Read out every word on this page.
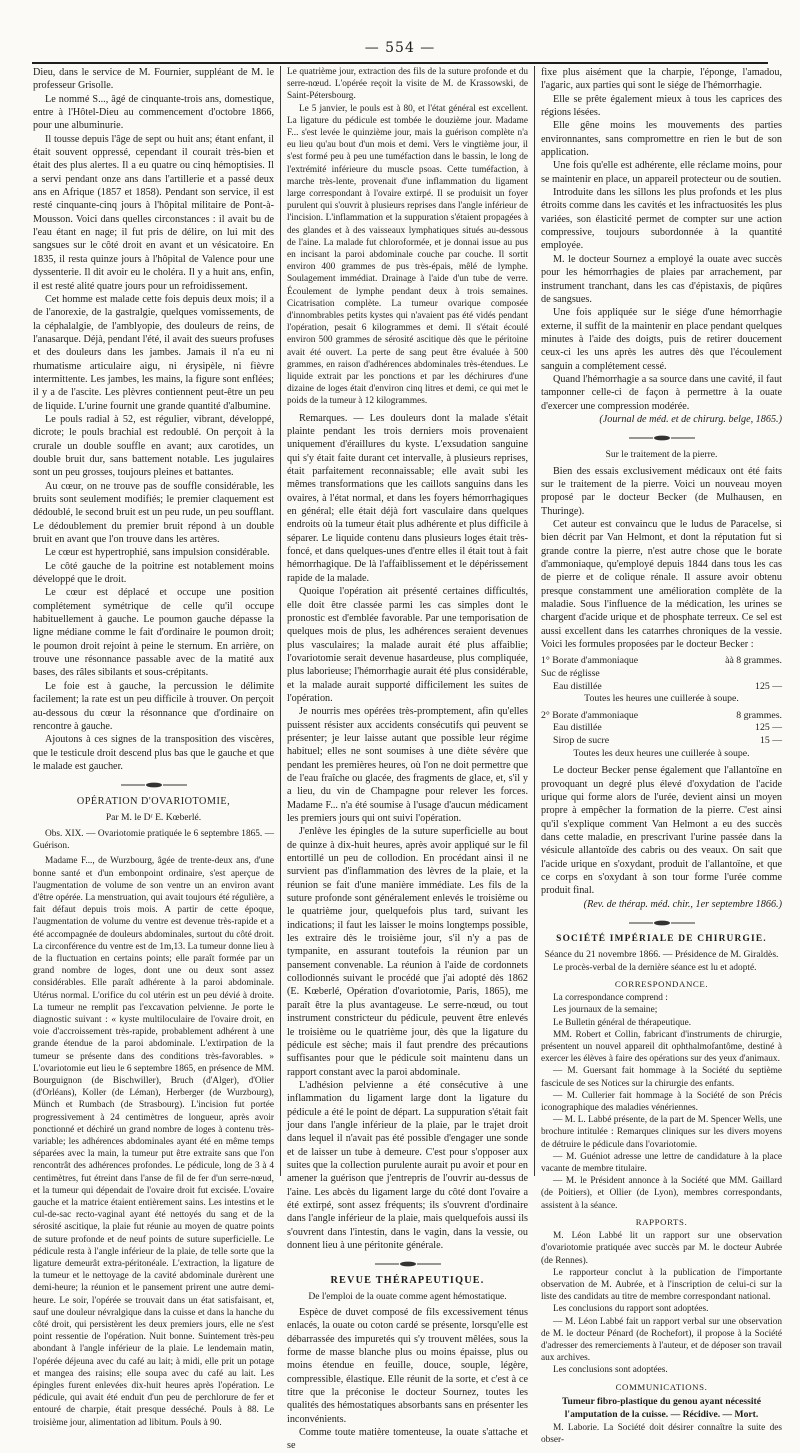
— 554 —

Dieu, dans le service de M. Fournier, suppléant de M. le professeur Grisolle.

Le nommé S..., âgé de cinquante-trois ans, domestique, entre à l'Hôtel-Dieu au commencement d'octobre 1866, pour une albuminurie.

Il tousse depuis l'âge de sept ou huit ans; étant enfant, il était souvent oppressé, cependant il courait très-bien et était des plus alertes. Il a eu quatre ou cinq hémoptisies. Il a servi pendant onze ans dans l'artillerie et a passé deux ans en Afrique (1857 et 1858). Pendant son service, il est resté cinquante-cinq jours à l'hôpital militaire de Pont-à-Mousson. Voici dans quelles circonstances : il avait bu de l'eau étant en nage; il fut pris de délire, on lui mit des sangsues sur le côté droit en avant et un vésicatoire. En 1835, il resta quinze jours à l'hôpital de Valence pour une dyssenterie. Il dit avoir eu le choléra. Il y a huit ans, enfin, il est resté alité quatre jours pour un refroidissement.

Cet homme est malade cette fois depuis deux mois; il a de l'anorexie, de la gastralgie, quelques vomissements, de la céphalalgie, de l'amblyopie, des douleurs de reins, de l'anasarque. Déjà, pendant l'été, il avait des sueurs profuses et des douleurs dans les jambes. Jamais il n'a eu ni rhumatisme articulaire aigu, ni érysipèle, ni fièvre intermittente. Les jambes, les mains, la figure sont enflées; il y a de l'ascite. Les plèvres contiennent peut-être un peu de liquide. L'urine fournit une grande quantité d'albumine.

Le pouls radial à 52, est régulier, vibrant, développé, dicrote; le pouls brachial est redoublé. On perçoit à la crurale un double souffle en avant; aux carotides, un double bruit dur, sans battement notable. Les jugulaires sont un peu grosses, toujours pleines et battantes.

Au cœur, on ne trouve pas de souffle considérable, les bruits sont seulement modifiés; le premier claquement est dédoublé, le second bruit est un peu rude, un peu soufflant. Le dédoublement du premier bruit répond à un double bruit en avant que l'on trouve dans les artères.

Le cœur est hypertrophié, sans impulsion considérable.

Le côté gauche de la poitrine est notablement moins développé que le droit.

Le cœur est déplacé et occupe une position complétement symétrique de celle qu'il occupe habituellement à gauche. Le poumon gauche dépasse la ligne médiane comme le fait d'ordinaire le poumon droit; le poumon droit rejoint à peine le sternum. En arrière, on trouve une résonnance passable avec de la matité aux bases, des râles sibilants et sous-crépitants.

Le foie est à gauche, la percussion le délimite facilement; la rate est un peu difficile à trouver. On perçoit au-dessous du cœur la résonnance que d'ordinaire on rencontre à gauche.

Ajoutons à ces signes de la transposition des viscères, que le testicule droit descend plus bas que le gauche et que le malade est gaucher.

OPÉRATION D'OVARIOTOMIE,

Par M. le Dʳ E. Kœberlé.

Obs. XIX. — Ovariotomie pratiquée le 6 septembre 1865. — Guérison.

Madame F..., de Wurzbourg, âgée de trente-deux ans, d'une bonne santé et d'un embonpoint ordinaire, s'est aperçue de l'augmentation de volume de son ventre un an environ avant d'être opérée. La menstruation, qui avait toujours été régulière, a fait défaut depuis trois mois. A partir de cette époque, l'augmentation de volume du ventre est devenue très-rapide et a été accompagnée de douleurs abdominales, surtout du côté droit. La circonférence du ventre est de 1m,13. La tumeur donne lieu à de la fluctuation en certains points; elle paraît formée par un grand nombre de loges, dont une ou deux sont assez considérables. Elle paraît adhérente à la paroi abdominale. Utérus normal. L'orifice du col utérin est un peu dévié à droite. La tumeur ne remplit pas l'excavation pelvienne. Je porte le diagnostic suivant : « kyste multiloculaire de l'ovaire droit, en voie d'accroissement très-rapide, probablement adhérent à une grande étendue de la paroi abdominale. L'extirpation de la tumeur se présente dans des conditions très-favorables. » L'ovariotomie eut lieu le 6 septembre 1865, en présence de MM. Bourguignon (de Bischwiller), Bruch (d'Alger), d'Olier (d'Orléans), Koller (de Léman), Herberger (de Wurzbourg), Münch et Rumbach (de Strasbourg). L'incision fut portée progressivement à 24 centimètres de longueur, après avoir ponctionné et déchiré un grand nombre de loges à contenu très-variable; les adhérences abdominales ayant été en même temps séparées avec la main, la tumeur put être extraite sans que l'on rencontrât des adhérences profondes. Le pédicule, long de 3 à 4 centimètres, fut étreint dans l'anse de fil de fer d'un serre-nœud, et la tumeur qui dépendait de l'ovaire droit fut excisée. L'ovaire gauche et la matrice étaient entièrement sains. Les intestins et le cul-de-sac recto-vaginal ayant été nettoyés du sang et de la sérosité ascitique, la plaie fut réunie au moyen de quatre points de suture profonde et de neuf points de suture superficielle. Le pédicule resta à l'angle inférieur de la plaie, de telle sorte que la ligature demeurât extra-péritonéale. L'extraction, la ligature de la tumeur et le nettoyage de la cavité abdominale durèrent une demi-heure; la réunion et le pansement prirent une autre demi-heure. Le soir, l'opérée se trouvait dans un état satisfaisant, et, sauf une douleur névralgique dans la cuisse et dans la hanche du côté droit, qui persistèrent les deux premiers jours, elle ne s'est point ressentie de l'opération. Nuit bonne. Suintement très-peu abondant à l'angle inférieur de la plaie. Le lendemain matin, l'opérée déjeuna avec du café au lait; à midi, elle prit un potage et mangea des raisins; elle soupa avec du café au lait. Les épingles furent enlevées dix-huit heures après l'opération. Le pédicule, qui avait été enduit d'un peu de perchlorure de fer et entouré de charpie, était presque desséché. Pouls à 88. Le troisième jour, alimentation ad libitum. Pouls à 90.

Le quatrième jour, extraction des fils de la suture profonde et du serre-nœud. L'opérée reçoit la visite de M. de Krassowski, de Saint-Pétersbourg.

Le 5 janvier, le pouls est à 80, et l'état général est excellent. La ligature du pédicule est tombée le douzième jour. Madame F... s'est levée le quinzième jour, mais la guérison complète n'a eu lieu qu'au bout d'un mois et demi. Vers le vingtième jour, il s'est formé peu à peu une tuméfaction dans le bassin, le long de l'extrémité inférieure du muscle psoas. Cette tuméfaction, à marche très-lente, provenait d'une inflammation du ligament large correspondant à l'ovaire extirpé. Il se produisit un foyer purulent qui s'ouvrit à plusieurs reprises dans l'angle inférieur de l'incision. L'inflammation et la suppuration s'étaient propagées à des glandes et à des vaisseaux lymphatiques situés au-dessous de l'aine. La malade fut chloroformée, et je donnai issue au pus en incisant la paroi abdominale couche par couche. Il sortit environ 400 grammes de pus très-épais, mêlé de lymphe. Soulagement immédiat. Drainage à l'aide d'un tube de verre. Écoulement de lymphe pendant deux à trois semaines. Cicatrisation complète. La tumeur ovarique composée d'innombrables petits kystes qui n'avaient pas été vidés pendant l'opération, pesait 6 kilogrammes et demi. Il s'était écoulé environ 500 grammes de sérosité ascitique dès que le péritoine avait été ouvert. La perte de sang peut être évaluée à 500 grammes, en raison d'adhérences abdominales très-étendues. Le liquide extrait par les ponctions et par les déchirures d'une dizaine de loges était d'environ cinq litres et demi, ce qui met le poids de la tumeur à 12 kilogrammes.

Remarques. — Les douleurs dont la malade s'était plainte pendant les trois derniers mois provenaient uniquement d'éraillures du kyste. L'exsudation sanguine qui s'y était faite durant cet intervalle, à plusieurs reprises, était parfaitement reconnaissable; elle avait subi les mêmes transformations que les caillots sanguins dans les ovaires, à l'état normal, et dans les foyers hémorrhagiques en général; elle était déjà fort vasculaire dans quelques endroits où la tumeur était plus adhérente et plus difficile à séparer. Le liquide contenu dans plusieurs loges était très-foncé, et dans quelques-unes d'entre elles il était tout à fait hémorrhagique. De là l'affaiblissement et le dépérissement rapide de la malade.

Quoique l'opération ait présenté certaines difficultés, elle doit être classée parmi les cas simples dont le pronostic est d'emblée favorable. Par une temporisation de quelques mois de plus, les adhérences seraient devenues plus vasculaires; la malade aurait été plus affaiblie; l'ovariotomie serait devenue hasardeuse, plus compliquée, plus laborieuse; l'hémorrhagie aurait été plus considérable, et la malade aurait supporté difficilement les suites de l'opération.

Je nourris mes opérées très-promptement, afin qu'elles puissent résister aux accidents consécutifs qui peuvent se présenter; je leur laisse autant que possible leur régime habituel; elles ne sont soumises à une diète sévère que pendant les premières heures, où l'on ne doit permettre que de l'eau fraîche ou glacée, des fragments de glace, et, s'il y a lieu, du vin de Champagne pour relever les forces. Madame F... n'a été soumise à l'usage d'aucun médicament les premiers jours qui ont suivi l'opération.

J'enlève les épingles de la suture superficielle au bout de quinze à dix-huit heures, après avoir appliqué sur le fil entortillé un peu de collodion. En procédant ainsi il ne survient pas d'inflammation des lèvres de la plaie, et la réunion se fait d'une manière immédiate. Les fils de la suture profonde sont généralement enlevés le troisième ou le quatrième jour, quelquefois plus tard, suivant les indications; il faut les laisser le moins longtemps possible, les extraire dès le troisième jour, s'il n'y a pas de tympanite, en assurant toutefois la réunion par un pansement convenable. La réunion à l'aide de cordonnets collodionnés suivant le procédé que j'ai adopté dès 1862 (E. Kœberlé, Opération d'ovariotomie, Paris, 1865), me paraît être la plus avantageuse. Le serre-nœud, ou tout instrument constricteur du pédicule, peuvent être enlevés le troisième ou le quatrième jour, dès que la ligature du pédicule est sèche; mais il faut prendre des précautions suffisantes pour que le pédicule soit maintenu dans un rapport constant avec la paroi abdominale.

L'adhésion pelvienne a été consécutive à une inflammation du ligament large dont la ligature du pédicule a été le point de départ. La suppuration s'était fait jour dans l'angle inférieur de la plaie, par le trajet droit dans lequel il n'avait pas été possible d'engager une sonde et de laisser un tube à demeure. C'est pour s'opposer aux suites que la collection purulente aurait pu avoir et pour en amener la guérison que j'entrepris de l'ouvrir au-dessus de l'aine. Les abcès du ligament large du côté dont l'ovaire a été extirpé, sont assez fréquents; ils s'ouvrent d'ordinaire dans l'angle inférieur de la plaie, mais quelquefois aussi ils s'ouvrent dans l'intestin, dans le vagin, dans la vessie, ou donnent lieu à une péritonite générale.

REVUE THÉRAPEUTIQUE.

De l'emploi de la ouate comme agent hémostatique.

Espèce de duvet composé de fils excessivement ténus enlacés, la ouate ou coton cardé se présente, lorsqu'elle est débarrassée des impuretés qui s'y trouvent mêlées, sous la forme de masse blanche plus ou moins épaisse, plus ou moins étendue en feuille, douce, souple, légère, compressible, élastique. Elle réunit de la sorte, et c'est à ce titre que la préconise le docteur Sournez, toutes les qualités des hémostatiques absorbants sans en présenter les inconvénients.

Comme toute matière tomenteuse, la ouate s'attache et se

fixe plus aisément que la charpie, l'éponge, l'amadou, l'agaric, aux parties qui sont le siége de l'hémorrhagie.

Elle se prête également mieux à tous les caprices des régions lésées.

Elle gêne moins les mouvements des parties environnantes, sans compromettre en rien le but de son application.

Une fois qu'elle est adhérente, elle réclame moins, pour se maintenir en place, un appareil protecteur ou de soutien.

Introduite dans les sillons les plus profonds et les plus étroits comme dans les cavités et les infractuosités les plus variées, son élasticité permet de compter sur une action compressive, toujours subordonnée à la quantité employée.

M. le docteur Sournez a employé la ouate avec succès pour les hémorrhagies de plaies par arrachement, par instrument tranchant, dans les cas d'épistaxis, de piqûres de sangsues.

Une fois appliquée sur le siége d'une hémorrhagie externe, il suffit de la maintenir en place pendant quelques minutes à l'aide des doigts, puis de retirer doucement ceux-ci les uns après les autres dès que l'écoulement sanguin a complétement cessé.

Quand l'hémorrhagie a sa source dans une cavité, il faut tamponner celle-ci de façon à permettre à la ouate d'exercer une compression modérée.

(Journal de méd. et de chirurg. belge, 1865.)

Sur le traitement de la pierre.

Bien des essais exclusivement médicaux ont été faits sur le traitement de la pierre. Voici un nouveau moyen proposé par le docteur Becker (de Mulhausen, en Thuringe).

Cet auteur est convaincu que le ludus de Paracelse, si bien décrit par Van Helmont, et dont la réputation fut si grande contre la pierre, n'est autre chose que le borate d'ammoniaque, qu'employé depuis 1844 dans tous les cas de pierre et de colique rénale. Il assure avoir obtenu presque constamment une amélioration complète de la maladie. Sous l'influence de la médication, les urines se chargent d'acide urique et de phosphate terreux. Ce sel est aussi excellent dans les catarrhes chroniques de la vessie. Voici les formules proposées par le docteur Becker :

1° Borate d'ammoniaque	àà 8 grammes.
Suc de réglisse
Eau distillée	125 —
Toutes les heures une cuillerée à soupe.
2° Borate d'ammoniaque	8 grammes.
Eau distillée	125 —
Sirop de sucre	15 —
Toutes les deux heures une cuillerée à soupe.

Le docteur Becker pense également que l'allantoïne en provoquant un degré plus élevé d'oxydation de l'acide urique qui forme alors de l'urée, devient ainsi un moyen propre à empêcher la formation de la pierre. C'est ainsi qu'il s'explique comment Van Helmont a eu des succès dans cette maladie, en prescrivant l'urine passée dans la vésicule allantoïde des cabris ou des veaux. On sait que l'acide urique en s'oxydant, produit de l'allantoïne, et que ce corps en s'oxydant à son tour forme l'urée comme produit final.

(Rev. de thérap. méd. chir., 1er septembre 1866.)

SOCIÉTÉ IMPÉRIALE DE CHIRURGIE.

Séance du 21 novembre 1866. — Présidence de M. Giraldès.

Le procès-verbal de la dernière séance est lu et adopté.

CORRESPONDANCE.

La correspondance comprend :

Les journaux de la semaine;

Le Bulletin général de thérapeutique.

MM. Robert et Collin, fabricant d'instruments de chirurgie, présentent un nouvel appareil dit ophthalmofantôme, destiné à exercer les élèves à faire des opérations sur des yeux d'animaux.

— M. Guersant fait hommage à la Société du septième fascicule de ses Notices sur la chirurgie des enfants.

— M. Cullerier fait hommage à la Société de son Précis iconographique des maladies vénériennes.

— M. L. Labbé présente, de la part de M. Spencer Wells, une brochure intitulée : Remarques cliniques sur les divers moyens de détruire le pédicule dans l'ovariotomie.

— M. Guéniot adresse une lettre de candidature à la place vacante de membre titulaire.

— M. le Président annonce à la Société que MM. Gaillard (de Poitiers), et Ollier (de Lyon), membres correspondants, assistent à la séance.

RAPPORTS.

M. Léon Labbé lit un rapport sur une observation d'ovariotomie pratiquée avec succès par M. le docteur Aubrée (de Rennes).

Le rapporteur conclut à la publication de l'importante observation de M. Aubrée, et à l'inscription de celui-ci sur la liste des candidats au titre de membre correspondant national.

Les conclusions du rapport sont adoptées.

— M. Léon Labbé fait un rapport verbal sur une observation de M. le docteur Pénard (de Rochefort), il propose à la Société d'adresser des remerciements à l'auteur, et de déposer son travail aux archives.

Les conclusions sont adoptées.

COMMUNICATIONS.

Tumeur fibro-plastique du genou ayant nécessité l'amputation de la cuisse. — Récidive. — Mort.

M. Laborie. La Société doit désirer connaître la suite des obser-
